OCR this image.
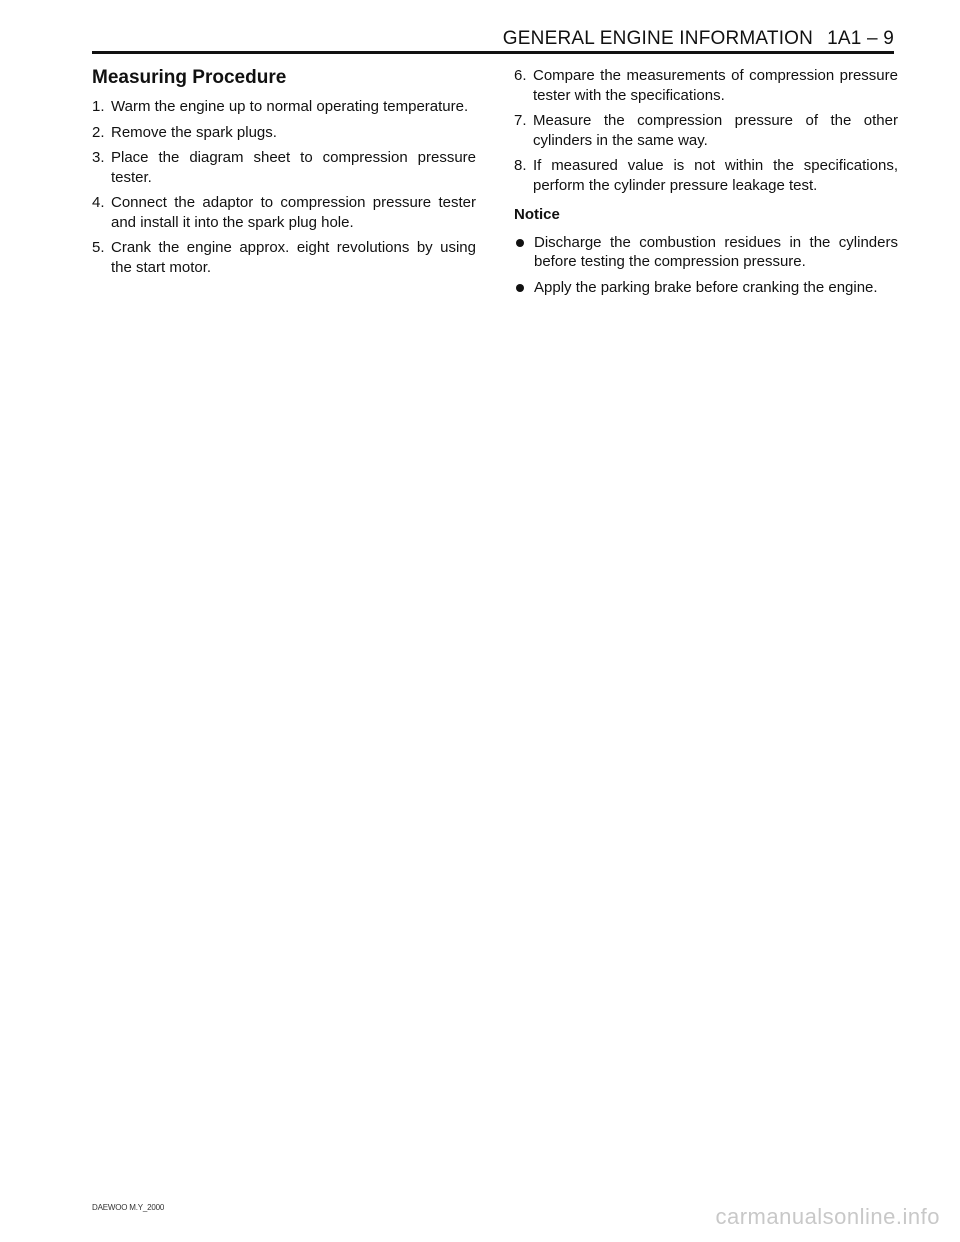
GENERAL ENGINE INFORMATION 1A1 – 9
Measuring Procedure
1. Warm the engine up to normal operating temperature.
2. Remove the spark plugs.
3. Place the diagram sheet to compression pressure tester.
4. Connect the adaptor to compression pressure tester and install it into the spark plug hole.
5. Crank the engine approx. eight revolutions by using the start motor.
6. Compare the measurements of compression pressure tester with the specifications.
7. Measure the compression pressure of the other cylinders in the same way.
8. If measured value is not within the specifications, perform the cylinder pressure leakage test.
Notice
Discharge the combustion residues in the cylinders before testing the compression pressure.
Apply the parking brake before cranking the engine.
DAEWOO M.Y_2000	carmanualsonline.info
